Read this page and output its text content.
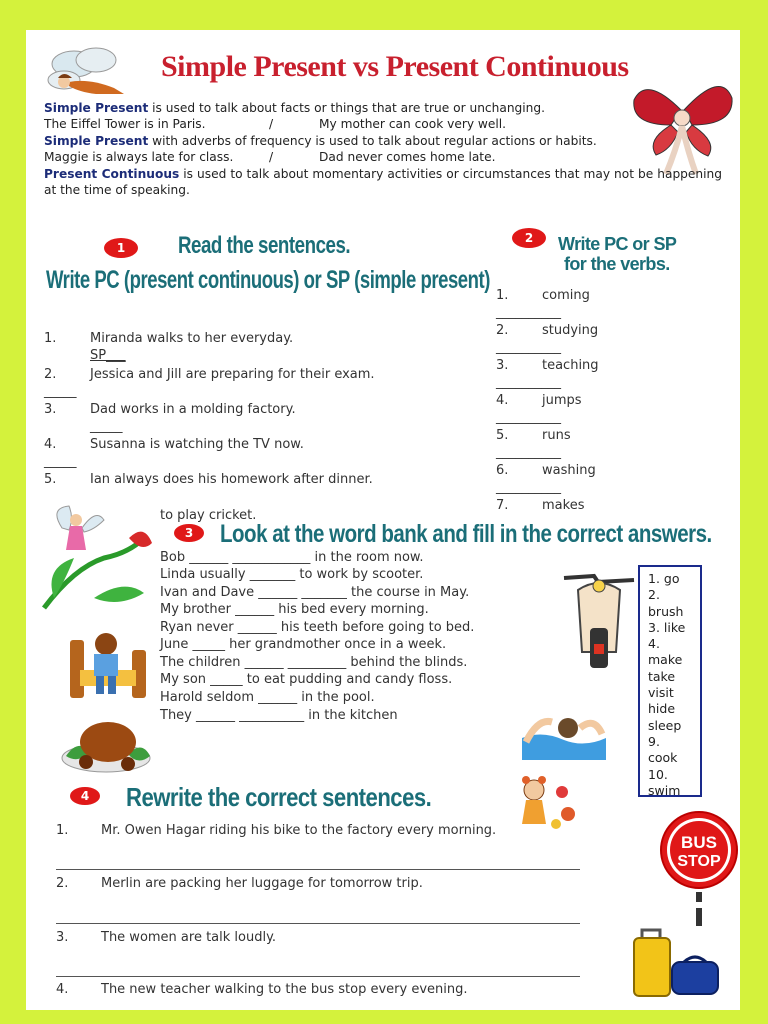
Simple Present vs Present Continuous
Simple Present is used to talk about facts or things that are true or unchanging.
The Eiffel Tower is in Paris.	/	My mother can cook very well.
Simple Present with adverbs of frequency is used to talk about regular actions or habits.
Maggie is always late for class.	/	Dad never comes home late.
Present Continuous is used to talk about momentary activities or circumstances that may not be happening at the time of speaking.
1	Read the sentences.
Write PC (present continuous) or SP (simple present)
1.	Miranda walks to her everyday.
SP___
2.	Jessica and Jill are preparing for their exam.
_____
3.	Dad works in a molding factory.
_____
4.	Susanna is watching the TV now.
_____
5.	Ian always does his homework after dinner.
2	Write PC or SP
for the verbs.
1.	coming
__________
2.	studying
__________
3.	teaching
__________
4.	jumps
__________
5.	runs
__________
6.	washing
__________
7.	makes
to play cricket.
3	Look at the word bank and fill in the correct answers.
Bob ______ ____________ in the room now.
Linda usually _______ to work by scooter.
Ivan and Dave ______ _______ the course in May.
My brother ______ his bed every morning.
Ryan never ______ his teeth before going to bed.
June _____ her grandmother once in a week.
The children ______ _________ behind the blinds.
My son _____ to eat pudding and candy floss.
Harold seldom ______ in the pool.
They ______ __________ in the kitchen
1. go
2.
brush
3. like
4.
make
take
visit
hide
sleep
9.
cook
10.
swim
4	Rewrite the correct sentences.
1.	Mr. Owen Hagar riding his bike to the factory every morning.
2.	Merlin are packing her luggage for tomorrow trip.
3.	The women are talk loudly.
4.	The new teacher walking to the bus stop every evening.
BUS
STOP
